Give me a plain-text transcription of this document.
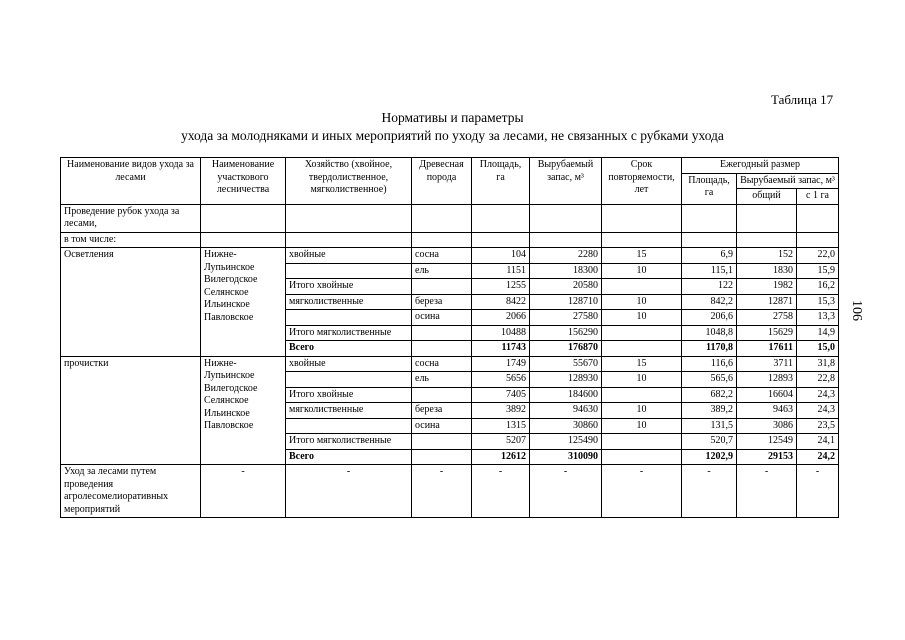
Таблица 17
Нормативы и параметры
ухода за молодняками и иных мероприятий по уходу за лесами, не связанных с рубками ухода
106
Наименование видов ухода за лесами	Наименование участкового лесничества	Хозяйство (хвойное, твердолиственное, мягколиственное)	Древесная порода	Площадь, га	Вырубаемый запас, м³	Срок повторяемости, лет	Ежегодный размер		
							Площадь, га	Вырубаемый запас, м³	
								общий	с 1 га
Проведение рубок ухода за лесами,									
в том числе:									
Осветления	Нижне-Лупьинское Вилегодское Селянское Ильинское Павловское	хвойные	сосна	104	2280	15	6,9	152	22,0
			ель	1151	18300	10	115,1	1830	15,9
		Итого хвойные		1255	20580		122	1982	16,2
		мягколиственные	береза	8422	128710	10	842,2	12871	15,3
			осина	2066	27580	10	206,6	2758	13,3
		Итого мягколиственные		10488	156290		1048,8	15629	14,9
		Всего		11743	176870		1170,8	17611	15,0
прочистки	Нижне-Лупьинское Вилегодское Селянское Ильинское Павловское	хвойные	сосна	1749	55670	15	116,6	3711	31,8
			ель	5656	128930	10	565,6	12893	22,8
		Итого хвойные		7405	184600		682,2	16604	24,3
		мягколиственные	береза	3892	94630	10	389,2	9463	24,3
			осина	1315	30860	10	131,5	3086	23,5
		Итого мягколиственные		5207	125490		520,7	12549	24,1
		Всего		12612	310090		1202,9	29153	24,2
Уход за лесами путем проведения агролесомелиоративных мероприятий	-	-	-	-	-	-	-	-	-
